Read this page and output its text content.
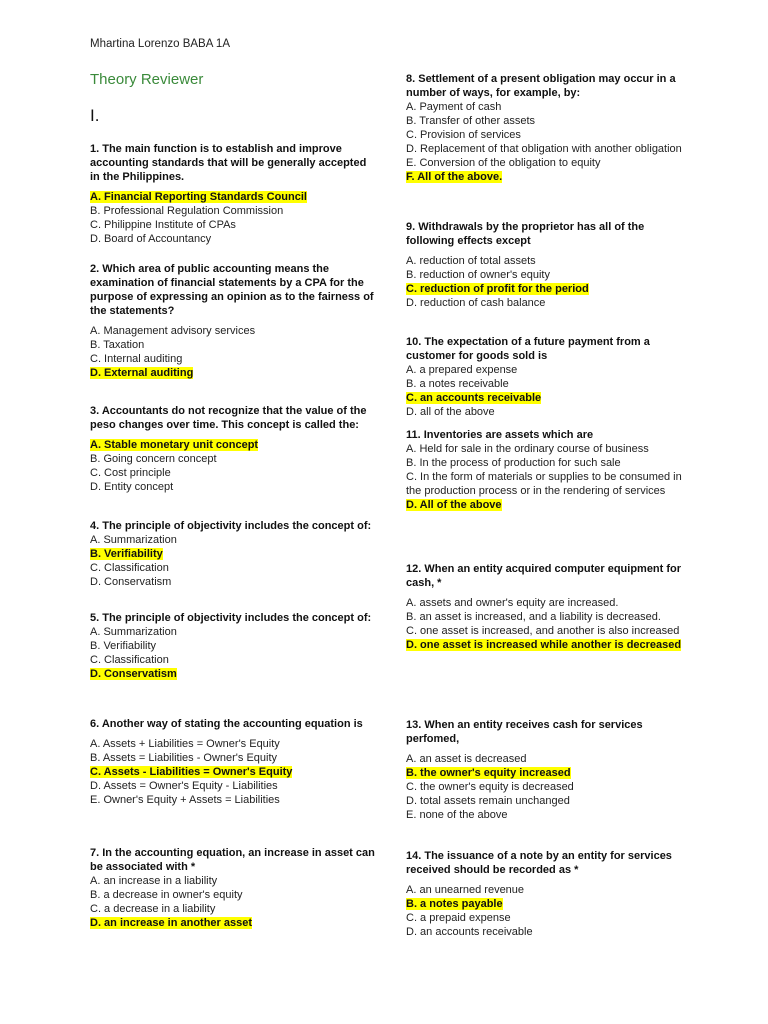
Mhartina Lorenzo BABA 1A
Theory Reviewer
I.
1. The main function is to establish and improve accounting standards that will be generally accepted in the Philippines.
A. Financial Reporting Standards Council
B. Professional Regulation Commission
C. Philippine Institute of CPAs
D. Board of Accountancy
2. Which area of public accounting means the examination of financial statements by a CPA for the purpose of expressing an opinion as to the fairness of the statements?
A. Management advisory services
B. Taxation
C. Internal auditing
D. External auditing
3. Accountants do not recognize that the value of the peso changes over time. This concept is called the:
A. Stable monetary unit concept
B. Going concern concept
C. Cost principle
D. Entity concept
4. The principle of objectivity includes the concept of:
A. Summarization
B. Verifiability
C. Classification
D. Conservatism
5. The principle of objectivity includes the concept of:
A. Summarization
B. Verifiability
C. Classification
D. Conservatism
6. Another way of stating the accounting equation is
A. Assets + Liabilities = Owner's Equity
B. Assets = Liabilities - Owner's Equity
C. Assets - Liabilities = Owner's Equity
D. Assets = Owner's Equity - Liabilities
E. Owner's Equity + Assets = Liabilities
7. In the accounting equation, an increase in asset can be associated with *
A. an increase in a liability
B. a decrease in owner's equity
C. a decrease in a liability
D. an increase in another asset
8. Settlement of a present obligation may occur in a number of ways, for example, by:
A. Payment of cash
B. Transfer of other assets
C. Provision of services
D. Replacement of that obligation with another obligation
E. Conversion of the obligation to equity
F. All of the above.
9. Withdrawals by the proprietor has all of the following effects except
A. reduction of total assets
B. reduction of owner's equity
C. reduction of profit for the period
D. reduction of cash balance
10. The expectation of a future payment from a customer for goods sold is
A. a prepared expense
B. a notes receivable
C. an accounts receivable
D. all of the above
11. Inventories are assets which are
A. Held for sale in the ordinary course of business
B. In the process of production for such sale
C. In the form of materials or supplies to be consumed in the production process or in the rendering of services
D. All of the above
12. When an entity acquired computer equipment for cash, *
A. assets and owner's equity are increased.
B. an asset is increased, and a liability is decreased.
C. one asset is increased, and another is also increased
D. one asset is increased while another is decreased
13. When an entity receives cash for services perfomed,
A. an asset is decreased
B. the owner's equity increased
C. the owner's equity is decreased
D. total assets remain unchanged
E. none of the above
14. The issuance of a note by an entity for services received should be recorded as *
A. an unearned revenue
B. a notes payable
C. a prepaid expense
D. an accounts receivable
